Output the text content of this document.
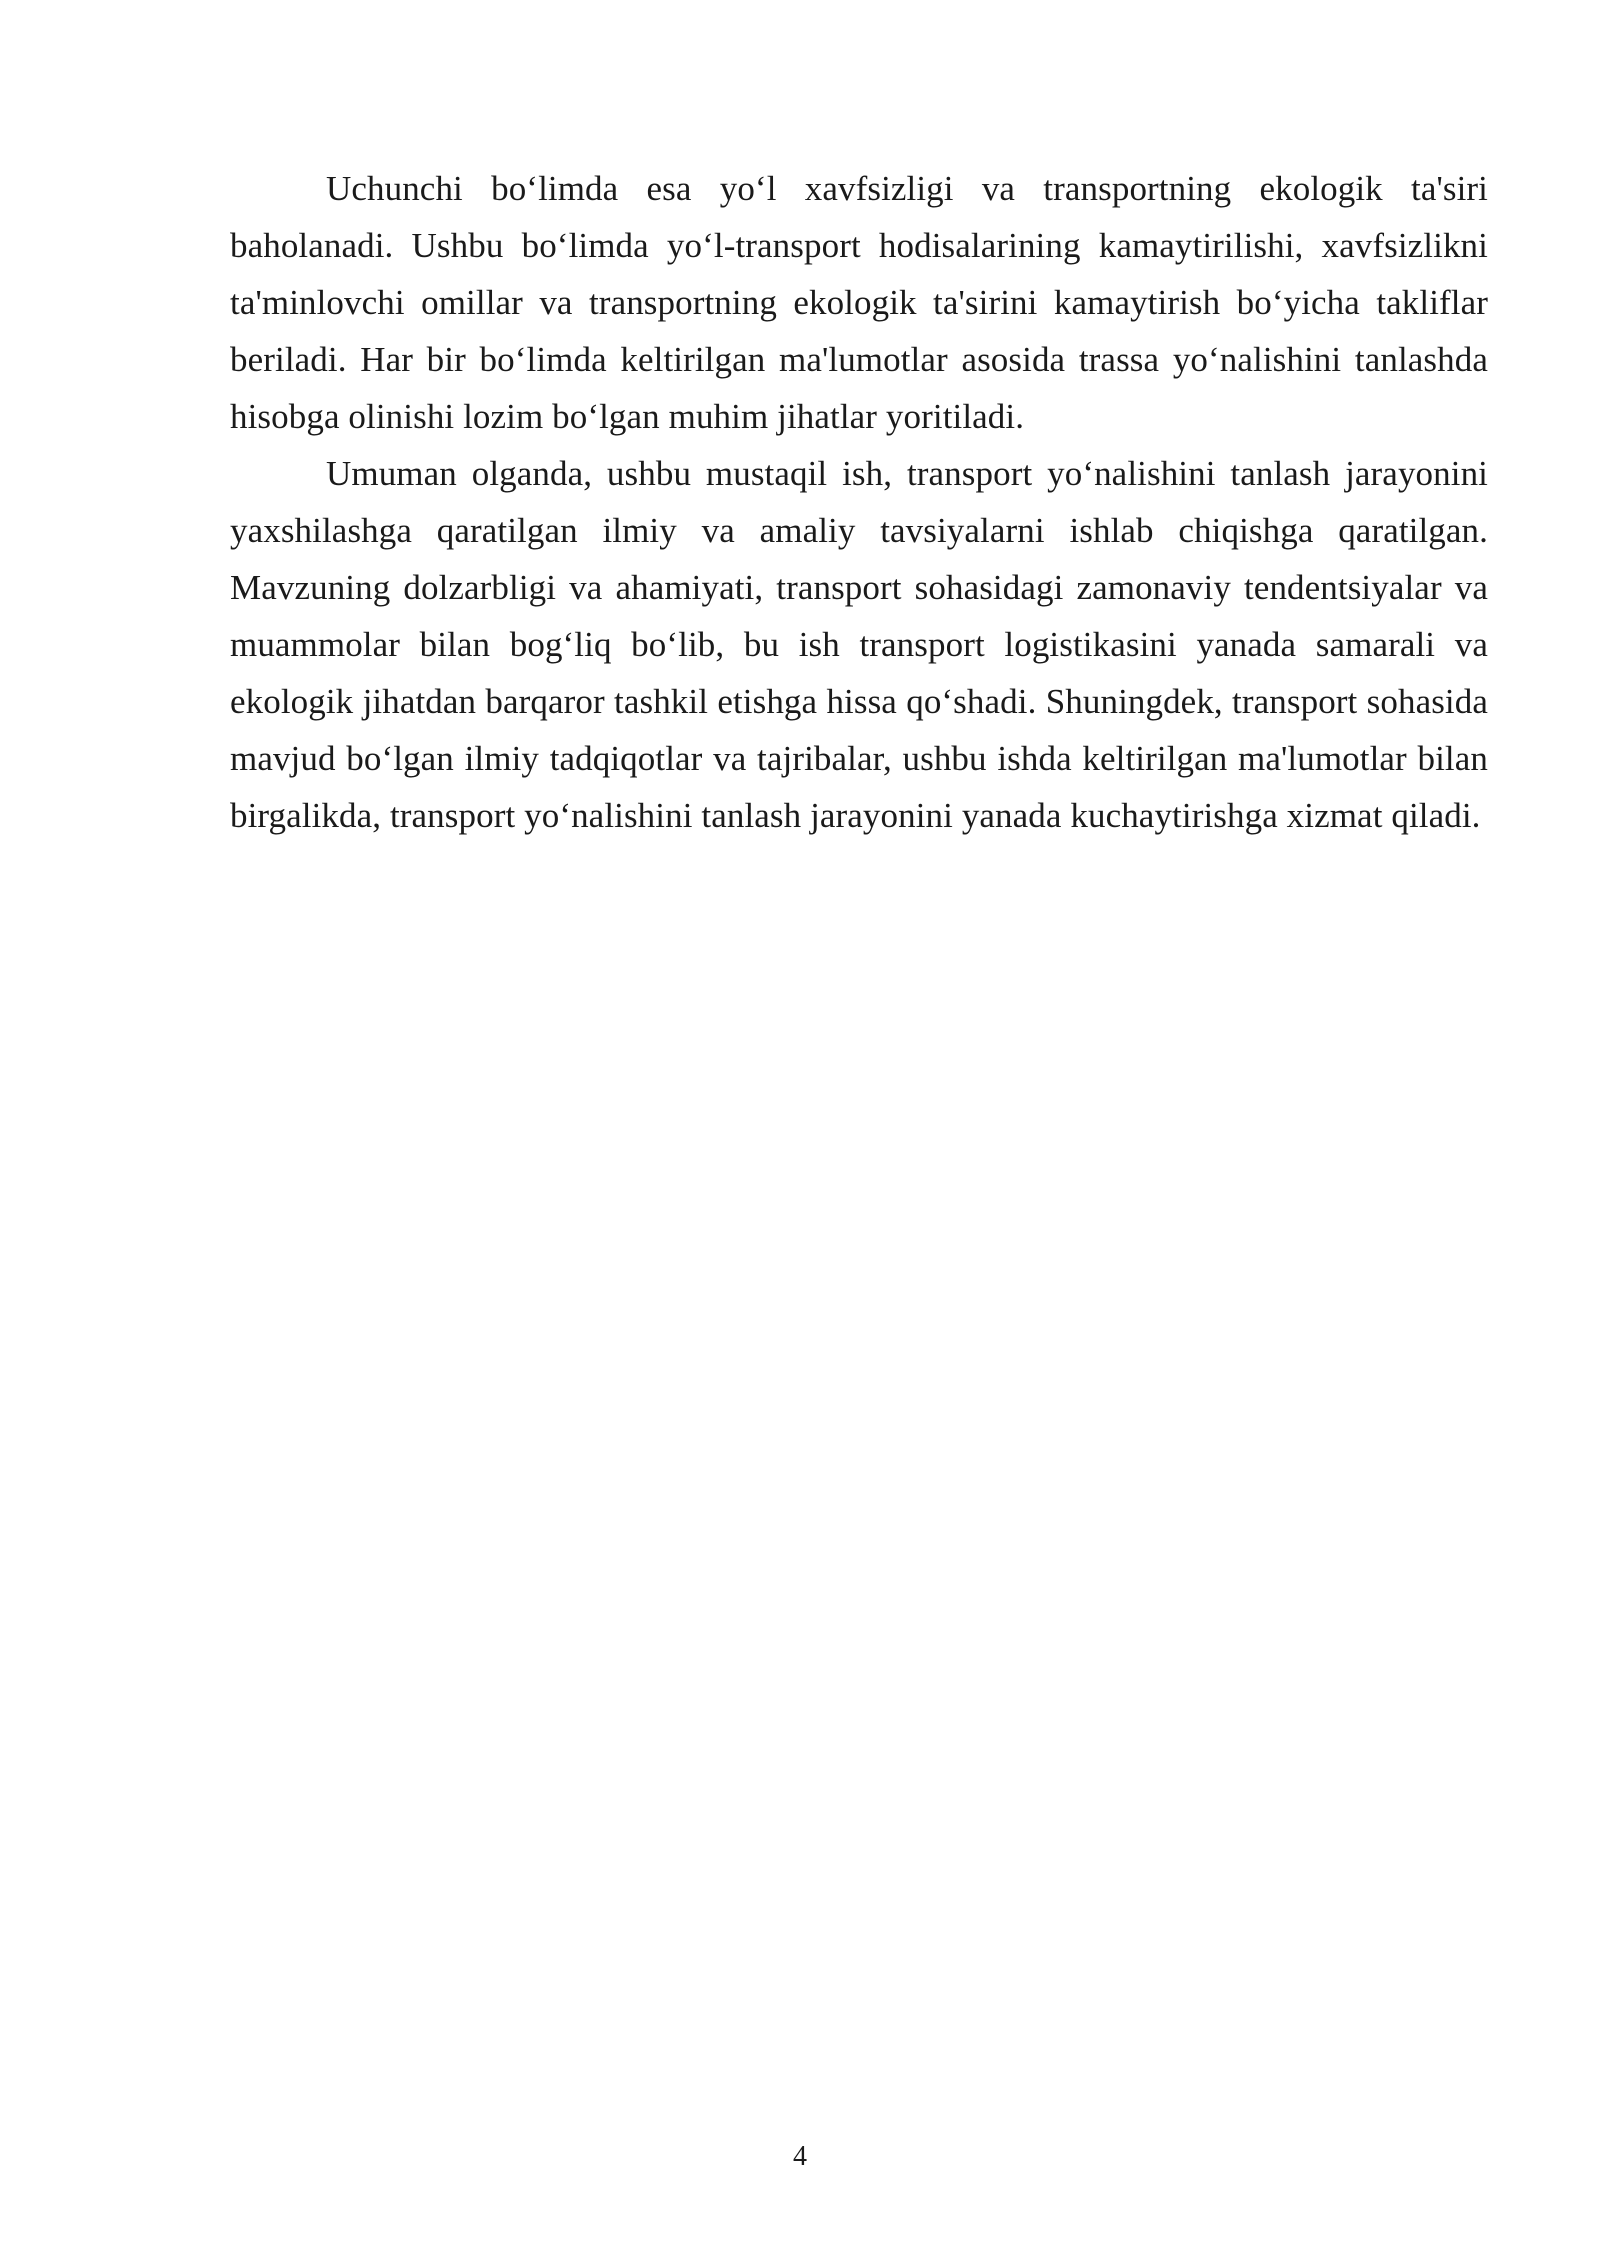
Uchunchi bo‘limda esa yo‘l xavfsizligi va transportning ekologik ta'siri baholanadi. Ushbu bo‘limda yo‘l-transport hodisalarining kamaytirilishi, xavfsizlikni ta'minlovchi omillar va transportning ekologik ta'sirini kamaytirish bo‘yicha takliflar beriladi. Har bir bo‘limda keltirilgan ma'lumotlar asosida trassa yo‘nalishini tanlashda hisobga olinishi lozim bo‘lgan muhim jihatlar yoritiladi.

Umuman olganda, ushbu mustaqil ish, transport yo‘nalishini tanlash jarayonini yaxshilashga qaratilgan ilmiy va amaliy tavsiyalarni ishlab chiqishga qaratilgan. Mavzuning dolzarbligi va ahamiyati, transport sohasidagi zamonaviy tendentsiyalar va muammolar bilan bog‘liq bo‘lib, bu ish transport logistikasini yanada samarali va ekologik jihatdan barqaror tashkil etishga hissa qo‘shadi. Shuningdek, transport sohasida mavjud bo‘lgan ilmiy tadqiqotlar va tajribalar, ushbu ishda keltirilgan ma'lumotlar bilan birgalikda, transport yo‘nalishini tanlash jarayonini yanada kuchaytirishga xizmat qiladi.

4
